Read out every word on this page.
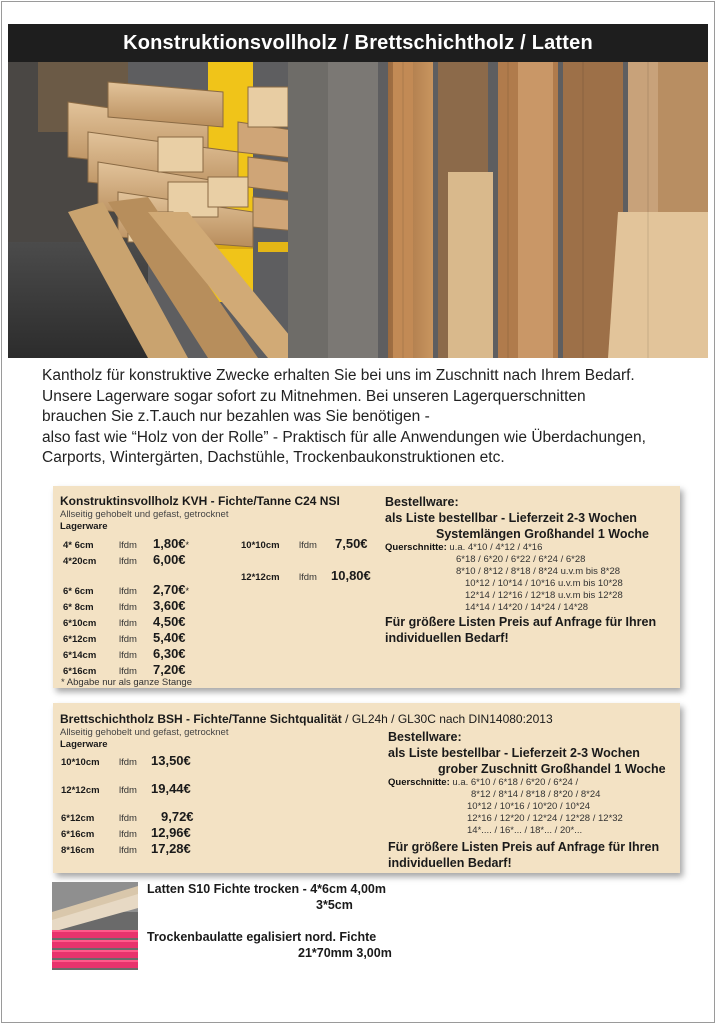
Konstruktionsvollholz / Brettschichtholz / Latten

Kantholz für konstruktive Zwecke erhalten Sie bei uns im Zuschnitt nach Ihrem Bedarf.

Unsere Lagerware sogar sofort zu Mitnehmen. Bei unseren Lagerquerschnitten

brauchen Sie z.T.auch nur bezahlen was Sie benötigen -

also fast wie “Holz von der Rolle” - Praktisch für alle Anwendungen wie Überdachungen,

Carports, Wintergärten, Dachstühle, Trockenbaukonstruktionen etc.

Konstruktinsvollholz KVH - Fichte/Tanne C24 NSI
Allseitig gehobelt und gefast, getrocknet
Lagerware
4* 6cm	lfdm	1,80€ *
4*20cm	lfdm	6,00€
6* 6cm	lfdm	2,70€ *
6* 8cm	lfdm	3,60€
6*10cm	lfdm	4,50€
6*12cm	lfdm	5,40€
6*14cm	lfdm	6,30€
6*16cm	lfdm	7,20€
10*10cm	lfdm	7,50€
12*12cm	lfdm	10,80€
* Abgabe nur als ganze Stange
Bestellware:
als Liste bestellbar - Lieferzeit 2-3 Wochen
Systemlängen Großhandel 1 Woche
Querschnitte: u.a. 4*10 / 4*12 / 4*16
6*18 / 6*20 / 6*22 / 6*24 / 6*28
8*10 / 8*12 / 8*18 / 8*24 u.v.m bis 8*28
10*12 / 10*14 / 10*16 u.v.m bis 10*28
12*14 / 12*16 / 12*18 u.v.m bis 12*28
14*14 / 14*20 / 14*24 / 14*28
Für größere Listen Preis auf Anfrage für Ihren
individuellen Bedarf!
Brettschichtholz BSH - Fichte/Tanne Sichtqualität / GL24h / GL30C nach DIN14080:2013
Allseitig gehobelt und gefast, getrocknet
Lagerware
10*10cm	lfdm	13,50€
12*12cm	lfdm	19,44€
6*12cm	lfdm	9,72€
6*16cm	lfdm	12,96€
8*16cm	lfdm	17,28€
Bestellware:
als Liste bestellbar - Lieferzeit 2-3 Wochen
grober Zuschnitt Großhandel 1 Woche
Querschnitte: u.a. 6*10 / 6*18 / 6*20 / 6*24 /
8*12 / 8*14 / 8*18 / 8*20 / 8*24
10*12 / 10*16 / 10*20 / 10*24
12*16 / 12*20 / 12*24 / 12*28 / 12*32
14*.... / 16*... / 18*... / 20*...
Für größere Listen Preis auf Anfrage für Ihren
individuellen Bedarf!
Latten S10 Fichte trocken - 4*6cm 4,00m
3*5cm
Trockenbaulatte egalisiert nord. Fichte
21*70mm 3,00m
